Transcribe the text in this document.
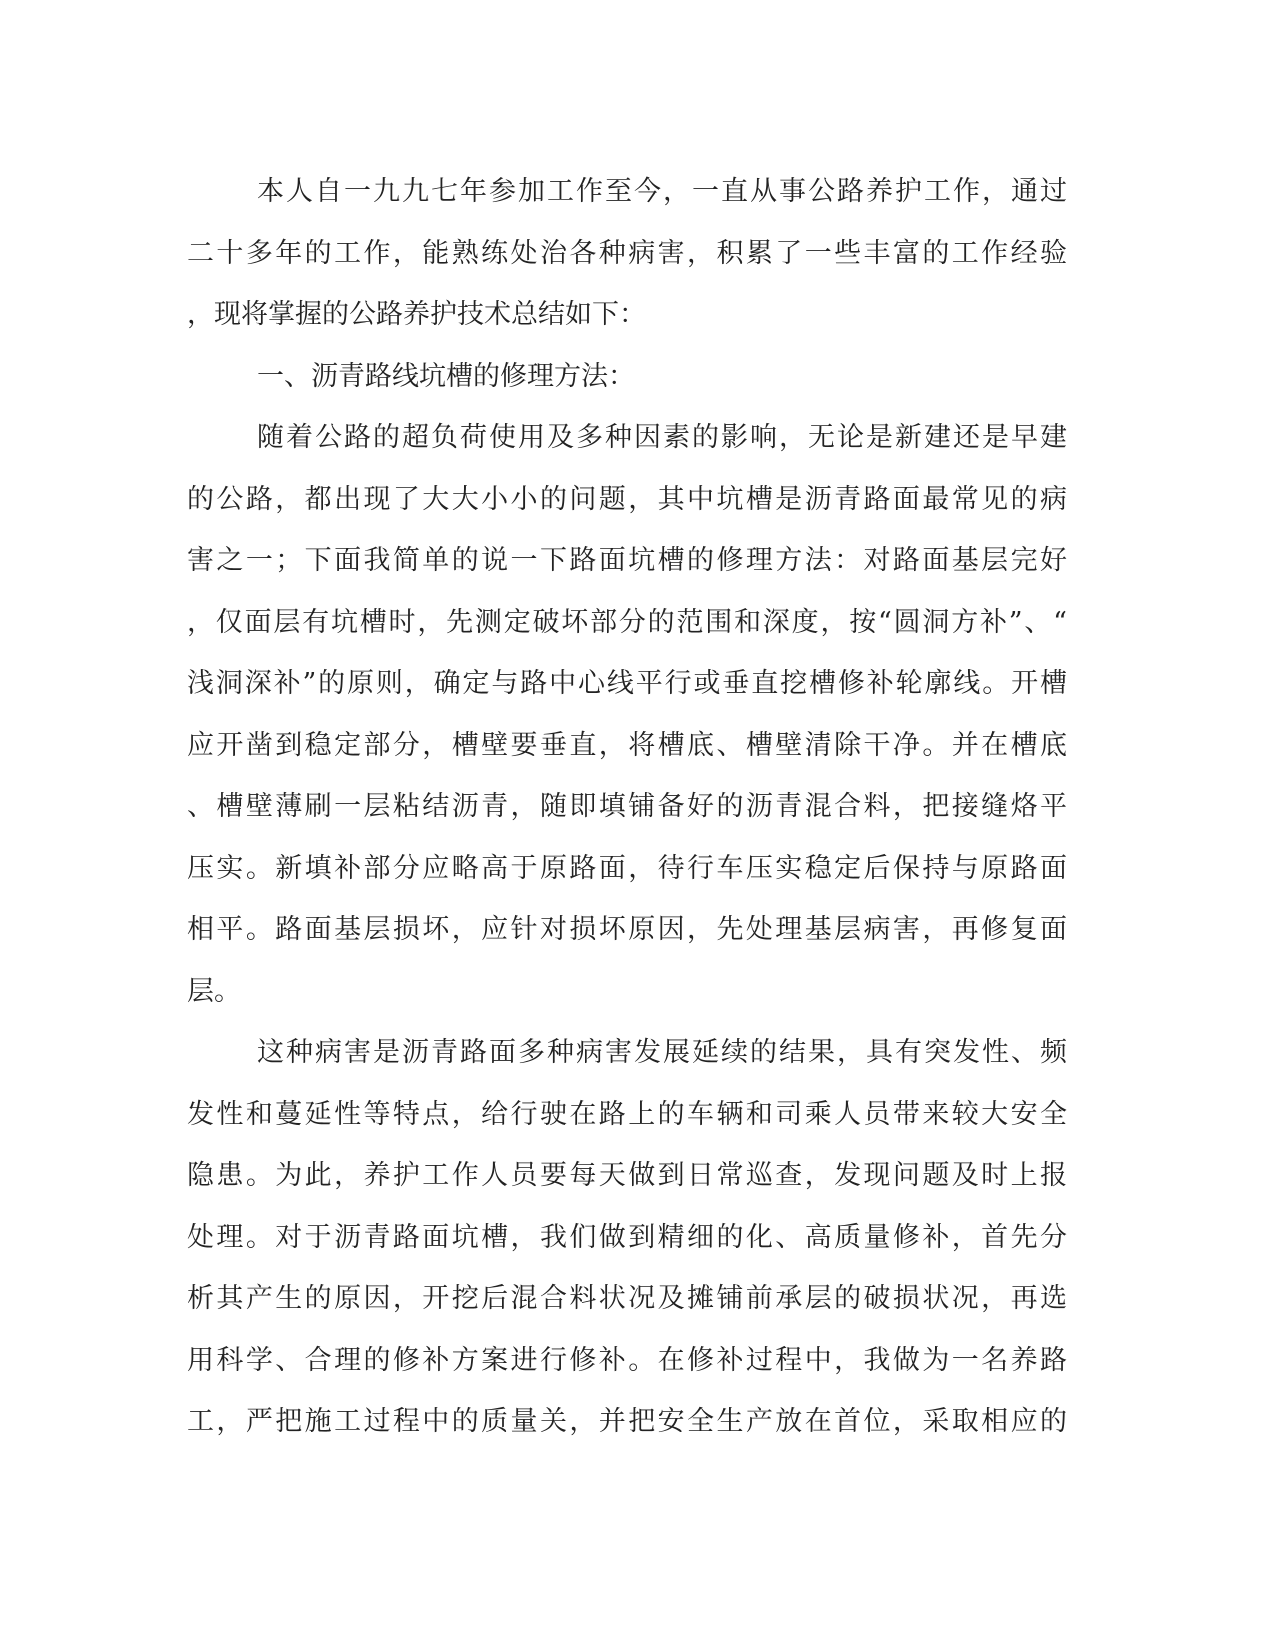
本人自一九九七年参加工作至今，一直从事公路养护工作，通过
二十多年的工作，能熟练处治各种病害，积累了一些丰富的工作经验
，现将掌握的公路养护技术总结如下：
一、沥青路线坑槽的修理方法：
随着公路的超负荷使用及多种因素的影响，无论是新建还是早建
的公路，都出现了大大小小的问题，其中坑槽是沥青路面最常见的病
害之一；下面我简单的说一下路面坑槽的修理方法：对路面基层完好
，仅面层有坑槽时，先测定破坏部分的范围和深度，按“圆洞方补”、“
浅洞深补”的原则，确定与路中心线平行或垂直挖槽修补轮廓线。开槽
应开凿到稳定部分，槽壁要垂直，将槽底、槽壁清除干净。并在槽底
、槽壁薄刷一层粘结沥青，随即填铺备好的沥青混合料，把接缝烙平
压实。新填补部分应略高于原路面，待行车压实稳定后保持与原路面
相平。路面基层损坏，应针对损坏原因，先处理基层病害，再修复面
层。
这种病害是沥青路面多种病害发展延续的结果，具有突发性、频
发性和蔓延性等特点，给行驶在路上的车辆和司乘人员带来较大安全
隐患。为此，养护工作人员要每天做到日常巡查，发现问题及时上报
处理。对于沥青路面坑槽，我们做到精细的化、高质量修补，首先分
析其产生的原因，开挖后混合料状况及摊铺前承层的破损状况，再选
用科学、合理的修补方案进行修补。在修补过程中，我做为一名养路
工，严把施工过程中的质量关，并把安全生产放在首位，采取相应的
